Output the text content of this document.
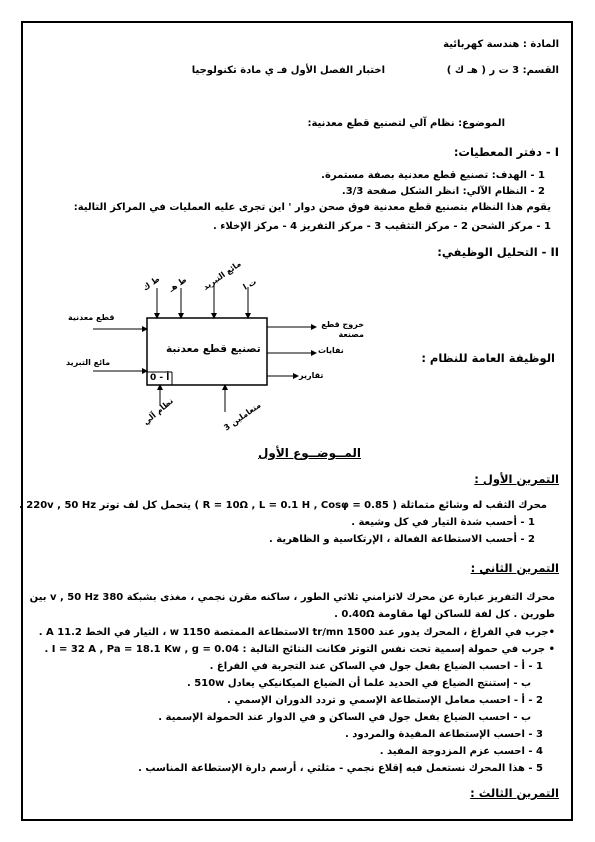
المادة : هندسة كهربائية
القسم: 3 ت ر ( هـ ك )
اختبار الفصل الأول فـ ي مادة تكنولوجيا
الموضوع: نظام آلي لتصنيع قطع معدنية:
I - دفتر المعطيات:
1 - الهدف: تصنيع قطع معدنية بصفة مستمرة.
2 - النظام الآلي: انظر الشكل صفحة 3/3.
يقوم هذا النظام بتصنيع قطع معدنية فوق صحن دوار ' اين تجرى عليه العمليات في المراكز التالية:
1 - مركز الشحن 2 - مركز التثقيب 3 - مركز التفريز 4 - مركز الإخلاء .
II - التحليل الوظيفي:
تصنيع قطع معدنبة
أ - 0
قطع معدنية
مائع التبريد
خروج قطع مصنعة
نفايات
تقارير
ط ك ط هـ مائع التبريد
ت ا
نظام آلي	3 متعاملين
الوظيفة العامة للنظام :
المــوضــوع الأول
التمرين الأول :
محرك الثقب له وشائع متماثلة ( R = 10Ω , L = 0.1 H , Cosφ = 0.85 ) يتحمل كل لف توتر 220v , 50 Hz .
1 - أحسب شدة التيار في كل وشيعة .
2 - أحسب الاستطاعة الفعالة ، الإرتكاسية و الظاهرية .
التمرين الثاني :
محرك التفريز عبارة عن محرك لاتزامني ثلاثي الطور ، ساكنه مقرن نجمي ، مغذى بشبكة 380 v , 50 Hz بين
طورين . كل لفة للساكن لها مقاومة 0.40Ω .
•جرب في الفراغ ، المحرك يدور عند 1500 tr/mn الاستطاعة الممتصة 1150 w ، التيار في الخط 11.2 A .
• جرب في حمولة إسمية تحت نفس التوتر فكانت النتائج التالية : I = 32 A , Pa = 18.1 Kw , g = 0.04 .
1 - أ - احسب الضياع بفعل جول في الساكن عند التجربة في الفراغ .
ب - إستنتج الضياع في الحديد علما أن الضياع الميكانيكي يعادل 510w .
2 - أ - احسب معامل الإستطاعة الإسمي و تردد الدوران الإسمي .
ب - احسب الضياع بفعل جول في الساكن و في الدوار عند الحمولة الإسمية .
3 - احسب الإستطاعة المفيدة والمردود .
4 - احسب عزم المزدوجة المفيد .
5 - هذا المحرك نستعمل فيه إقلاع نجمي - مثلثي ، أرسم دارة الإستطاعة المناسب .
التمرين الثالث :
